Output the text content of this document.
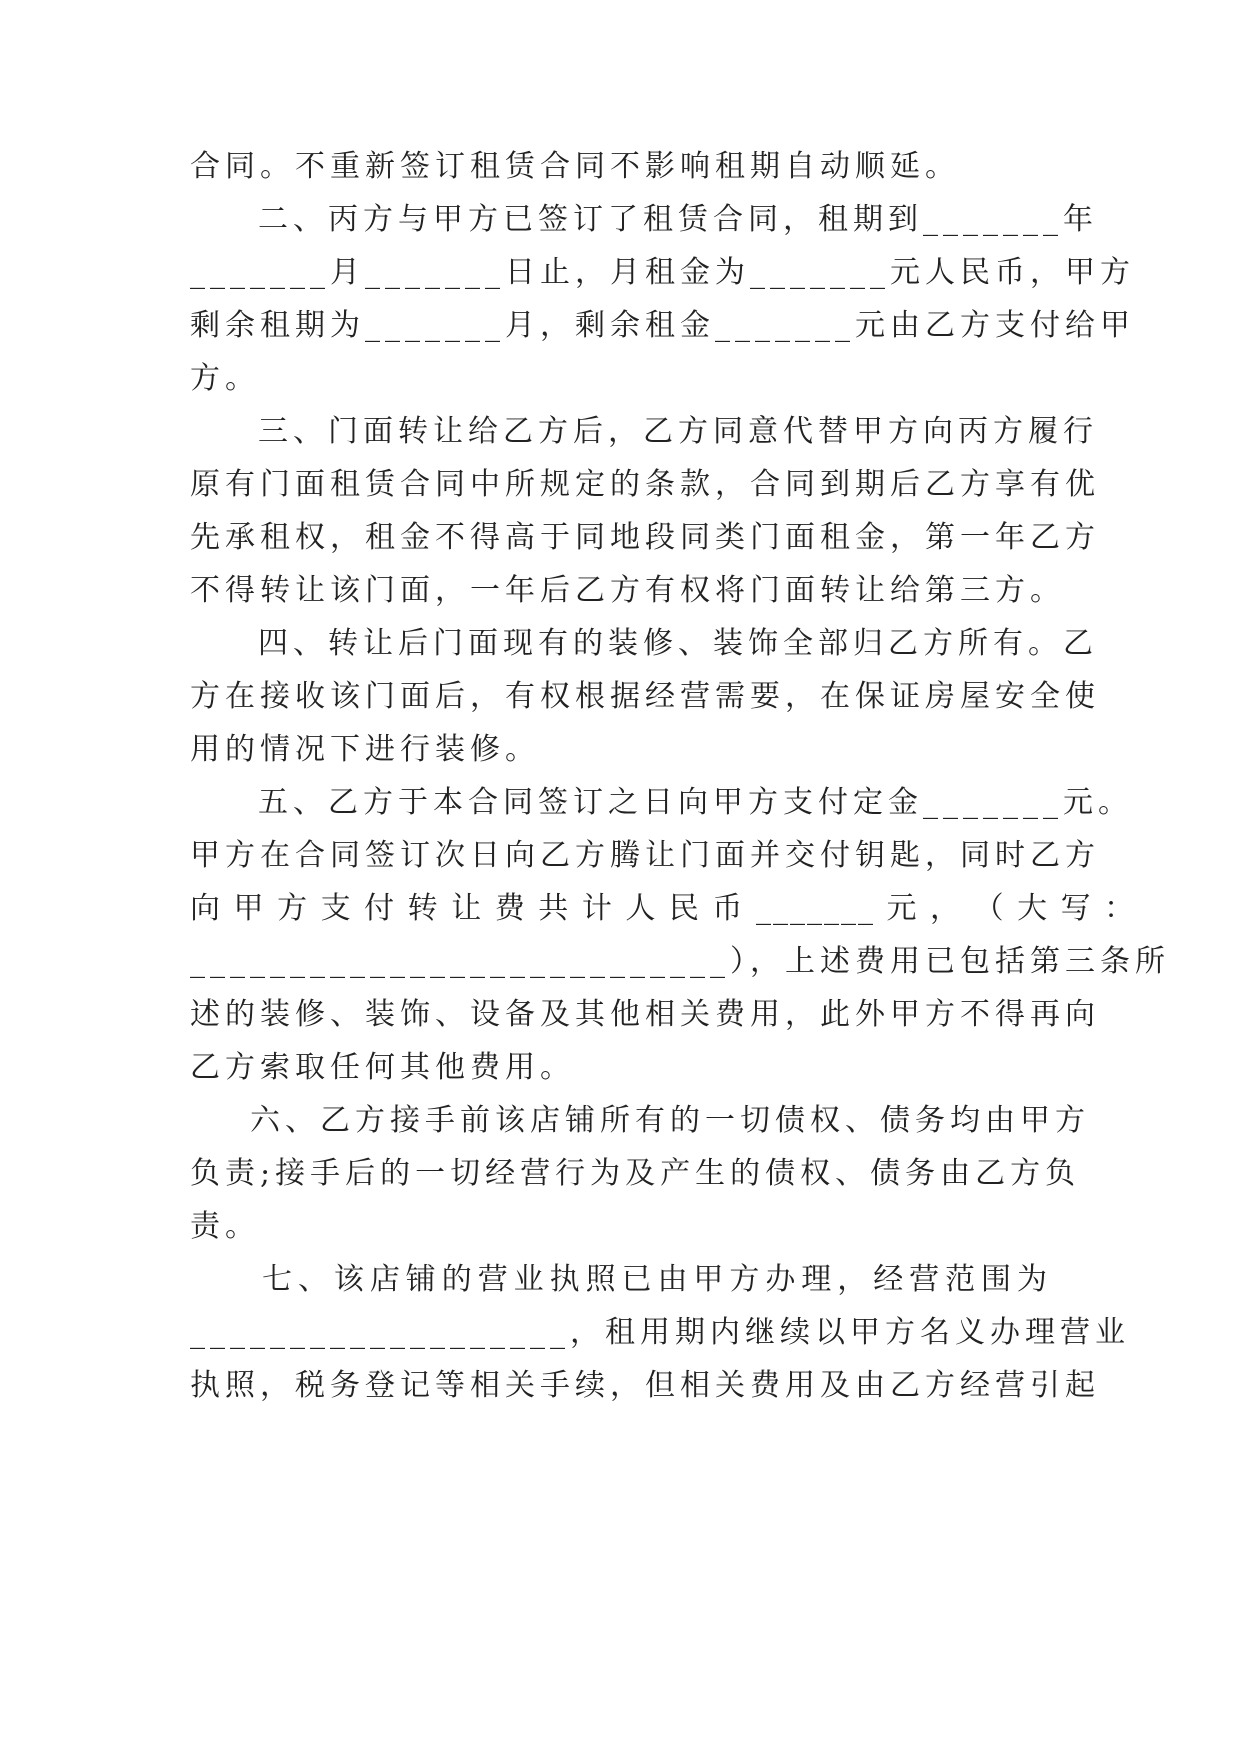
合同。不重新签订租赁合同不影响租期自动顺延。
二、丙方与甲方已签订了租赁合同，租期到_______年
_______月_______日止，月租金为_______元人民币，甲方
剩余租期为_______月，剩余租金_______元由乙方支付给甲
方。
三、门面转让给乙方后，乙方同意代替甲方向丙方履行
原有门面租赁合同中所规定的条款，合同到期后乙方享有优
先承租权，租金不得高于同地段同类门面租金，第一年乙方
不得转让该门面，一年后乙方有权将门面转让给第三方。
四、转让后门面现有的装修、装饰全部归乙方所有。乙
方在接收该门面后，有权根据经营需要，在保证房屋安全使
用的情况下进行装修。
五、乙方于本合同签订之日向甲方支付定金_______元。
甲方在合同签订次日向乙方腾让门面并交付钥匙，同时乙方
向 甲 方 支 付 转 让 费 共 计 人 民 币 _______ 元 ， （ 大 写 ：
___________________________），上述费用已包括第三条所
述的装修、装饰、设备及其他相关费用，此外甲方不得再向
乙方索取任何其他费用。
六、乙方接手前该店铺所有的一切债权、债务均由甲方
负责;接手后的一切经营行为及产生的债权、债务由乙方负
责。
七、该店铺的营业执照已由甲方办理，经营范围为
___________________，租用期内继续以甲方名义办理营业
执照，税务登记等相关手续，但相关费用及由乙方经营引起
